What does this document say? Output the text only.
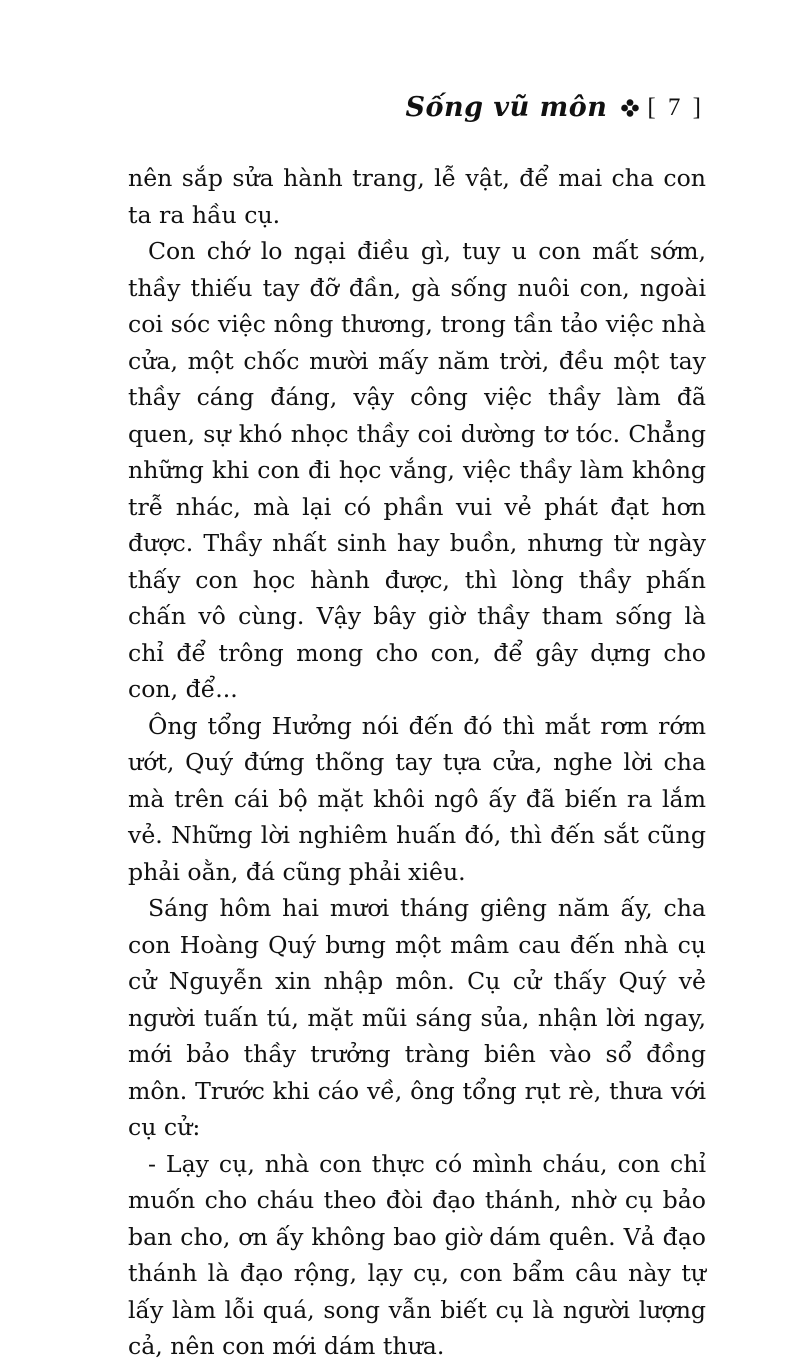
Sống vũ môn [ 7 ]

nên sắp sửa hành trang, lễ vật, để mai cha con ta ra hầu cụ.

Con chớ lo ngại điều gì, tuy u con mất sớm, thầy thiếu tay đỡ đần, gà sống nuôi con, ngoài coi sóc việc nông thương, trong tần tảo việc nhà cửa, một chốc mười mấy năm trời, đều một tay thầy cáng đáng, vậy công việc thầy làm đã quen, sự khó nhọc thầy coi dường tơ tóc. Chẳng những khi con đi học vắng, việc thầy làm không trễ nhác, mà lại có phần vui vẻ phát đạt hơn được. Thầy nhất sinh hay buồn, nhưng từ ngày thấy con học hành được, thì lòng thầy phấn chấn vô cùng. Vậy bây giờ thầy tham sống là chỉ để trông mong cho con, để gây dựng cho con, để...

Ông tổng Hưởng nói đến đó thì mắt rơm rớm ướt, Quý đứng thõng tay tựa cửa, nghe lời cha mà trên cái bộ mặt khôi ngô ấy đã biến ra lắm vẻ. Những lời nghiêm huấn đó, thì đến sắt cũng phải oằn, đá cũng phải xiêu.

Sáng hôm hai mươi tháng giêng năm ấy, cha con Hoàng Quý bưng một mâm cau đến nhà cụ cử Nguyễn xin nhập môn. Cụ cử thấy Quý vẻ người tuấn tú, mặt mũi sáng sủa, nhận lời ngay, mới bảo thầy trưởng tràng biên vào sổ đồng môn. Trước khi cáo về, ông tổng rụt rè, thưa với cụ cử:

- Lạy cụ, nhà con thực có mình cháu, con chỉ muốn cho cháu theo đòi đạo thánh, nhờ cụ bảo ban cho, ơn ấy không bao giờ dám quên. Vả đạo thánh là đạo rộng, lạy cụ, con bẩm câu này tự lấy làm lỗi quá, song vẫn biết cụ là người lượng cả, nên con mới dám thưa.
